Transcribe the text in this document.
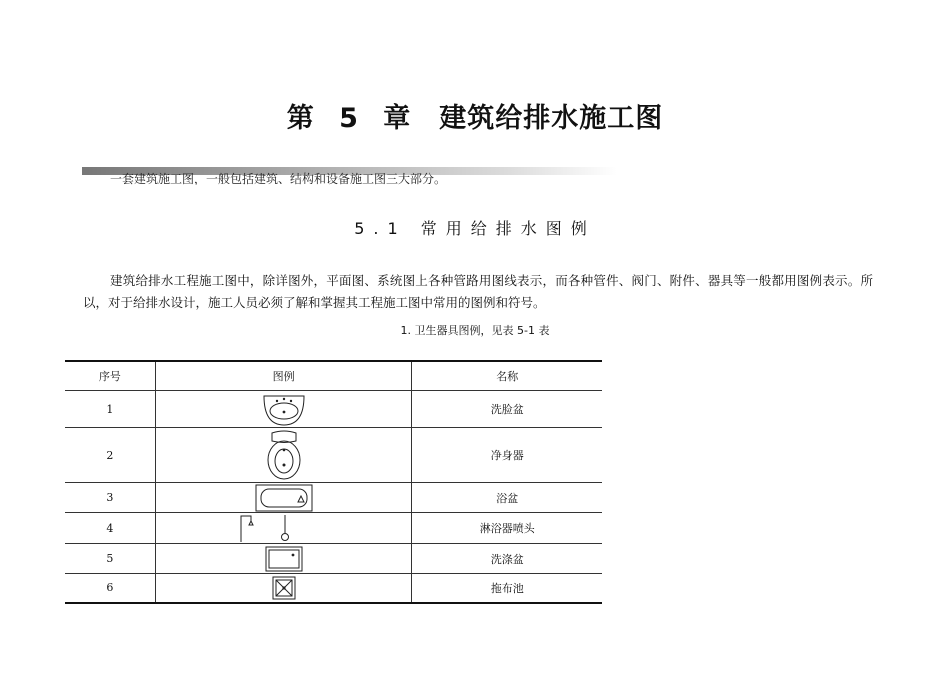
第 5 章　建筑给排水施工图
一套建筑施工图，一般包括建筑、结构和设备施工图三大部分。
5.1 常用给排水图例
建筑给排水工程施工图中，除详图外，平面图、系统图上各种管路用图线表示，而各种管件、阀门、附件、器具等一般都用图例表示。所以，对于给排水设计，施工人员必须了解和掌握其工程施工图中常用的图例和符号。
1. 卫生器具图例，见表 5-1 表
序号	图例	名称
1		洗脸盆
2		净身器
3		浴盆
4		淋浴器喷头
5		洗涤盆
6		拖布池
